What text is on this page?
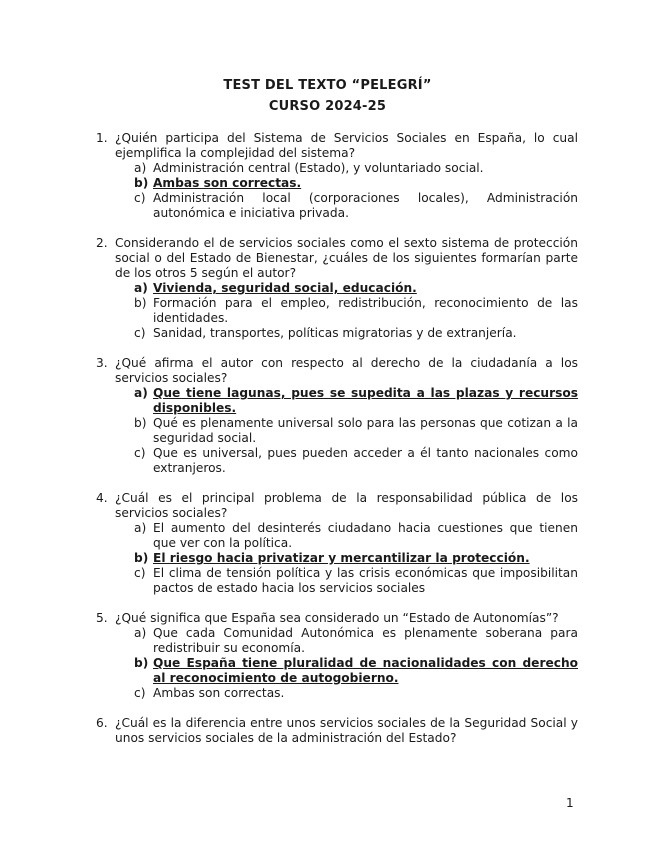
TEST DEL TEXTO “PELEGRÍ”
CURSO 2024-25
1. ¿Quién participa del Sistema de Servicios Sociales en España, lo cual ejemplifica la complejidad del sistema?
a) Administración central (Estado), y voluntariado social.
b) Ambas son correctas.
c) Administración local (corporaciones locales), Administración autonómica e iniciativa privada.
2. Considerando el de servicios sociales como el sexto sistema de protección social o del Estado de Bienestar, ¿cuáles de los siguientes formarían parte de los otros 5 según el autor?
a) Vivienda, seguridad social, educación.
b) Formación para el empleo, redistribución, reconocimiento de las identidades.
c) Sanidad, transportes, políticas migratorias y de extranjería.
3. ¿Qué afirma el autor con respecto al derecho de la ciudadanía a los servicios sociales?
a) Que tiene lagunas, pues se supedita a las plazas y recursos disponibles.
b) Qué es plenamente universal solo para las personas que cotizan a la seguridad social.
c) Que es universal, pues pueden acceder a él tanto nacionales como extranjeros.
4. ¿Cuál es el principal problema de la responsabilidad pública de los servicios sociales?
a) El aumento del desinterés ciudadano hacia cuestiones que tienen que ver con la política.
b) El riesgo hacia privatizar y mercantilizar la protección.
c) El clima de tensión política y las crisis económicas que imposibilitan pactos de estado hacia los servicios sociales
5. ¿Qué significa que España sea considerado un “Estado de Autonomías”?
a) Que cada Comunidad Autonómica es plenamente soberana para redistribuir su economía.
b) Que España tiene pluralidad de nacionalidades con derecho al reconocimiento de autogobierno.
c) Ambas son correctas.
6. ¿Cuál es la diferencia entre unos servicios sociales de la Seguridad Social y unos servicios sociales de la administración del Estado?
1
